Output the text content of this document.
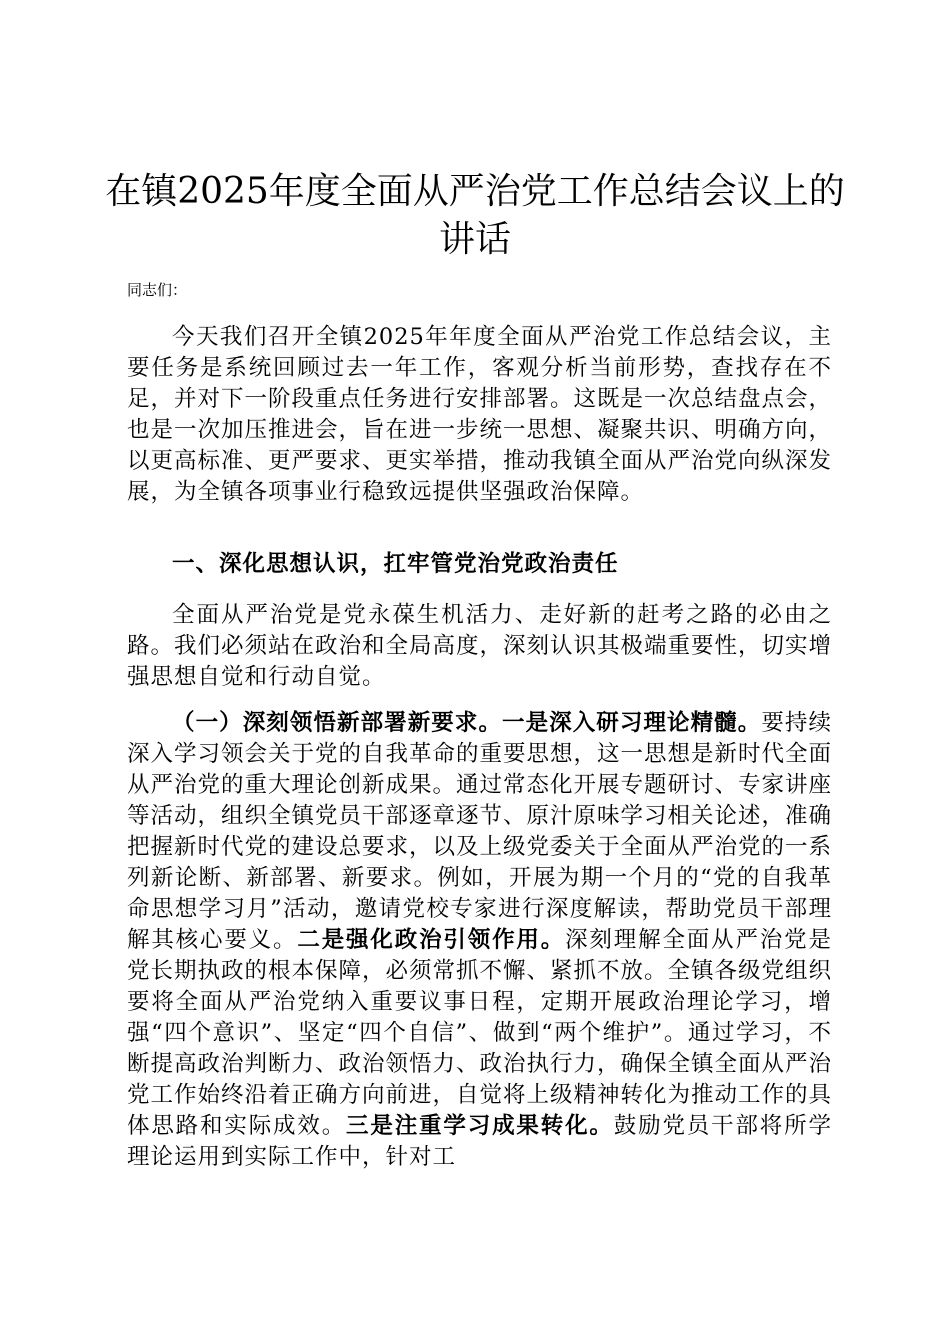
在镇2025年度全面从严治党工作总结会议上的讲话

同志们：

今天我们召开全镇2025年年度全面从严治党工作总结会议，主要任务是系统回顾过去一年工作，客观分析当前形势，查找存在不足，并对下一阶段重点任务进行安排部署。这既是一次总结盘点会，也是一次加压推进会，旨在进一步统一思想、凝聚共识、明确方向，以更高标准、更严要求、更实举措，推动我镇全面从严治党向纵深发展，为全镇各项事业行稳致远提供坚强政治保障。

一、深化思想认识，扛牢管党治党政治责任

全面从严治党是党永葆生机活力、走好新的赶考之路的必由之路。我们必须站在政治和全局高度，深刻认识其极端重要性，切实增强思想自觉和行动自觉。

（一）深刻领悟新部署新要求。一是深入研习理论精髓。要持续深入学习领会关于党的自我革命的重要思想，这一思想是新时代全面从严治党的重大理论创新成果。通过常态化开展专题研讨、专家讲座等活动，组织全镇党员干部逐章逐节、原汁原味学习相关论述，准确把握新时代党的建设总要求，以及上级党委关于全面从严治党的一系列新论断、新部署、新要求。例如，开展为期一个月的“党的自我革命思想学习月”活动，邀请党校专家进行深度解读，帮助党员干部理解其核心要义。二是强化政治引领作用。深刻理解全面从严治党是党长期执政的根本保障，必须常抓不懈、紧抓不放。全镇各级党组织要将全面从严治党纳入重要议事日程，定期开展政治理论学习，增强“四个意识”、坚定“四个自信”、做到“两个维护”。通过学习，不断提高政治判断力、政治领悟力、政治执行力，确保全镇全面从严治党工作始终沿着正确方向前进，自觉将上级精神转化为推动工作的具体思路和实际成效。三是注重学习成果转化。鼓励党员干部将所学理论运用到实际工作中，针对工
